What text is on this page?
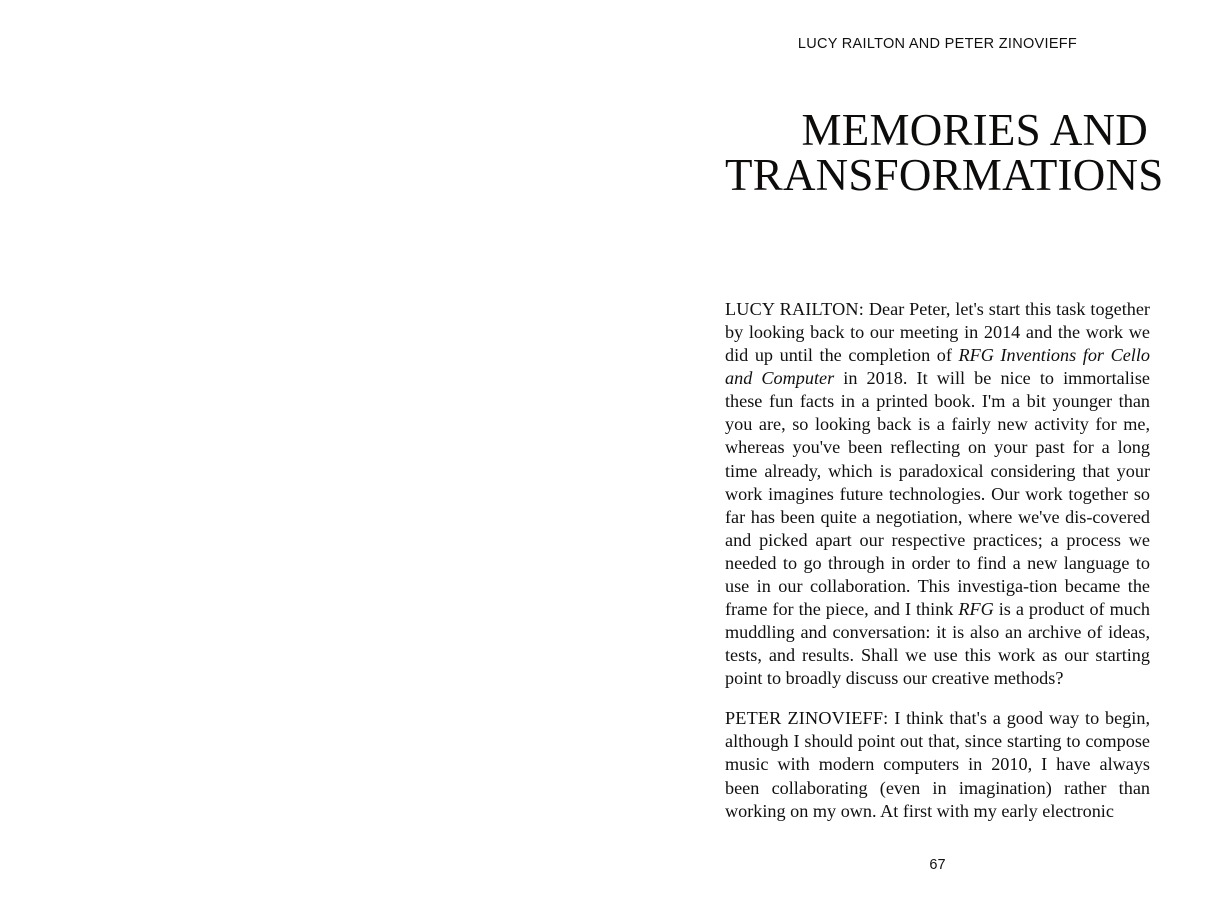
LUCY RAILTON AND PETER ZINOVIEFF
MEMORIES AND
TRANSFORMATIONS

LUCY RAILTON: Dear Peter, let's start this task together by looking back to our meeting in 2014 and the work we did up until the completion of RFG Inventions for Cello and Computer in 2018. It will be nice to immortalise these fun facts in a printed book. I'm a bit younger than you are, so looking back is a fairly new activity for me, whereas you've been reflecting on your past for a long time already, which is paradoxical considering that your work imagines future technologies. Our work together so far has been quite a negotiation, where we've dis-covered and picked apart our respective practices; a process we needed to go through in order to find a new language to use in our collaboration. This investiga-tion became the frame for the piece, and I think RFG is a product of much muddling and conversation: it is also an archive of ideas, tests, and results. Shall we use this work as our starting point to broadly discuss our creative methods?

PETER ZINOVIEFF: I think that's a good way to begin, although I should point out that, since starting to compose music with modern computers in 2010, I have always been collaborating (even in imagination) rather than working on my own. At first with my early electronic

67
